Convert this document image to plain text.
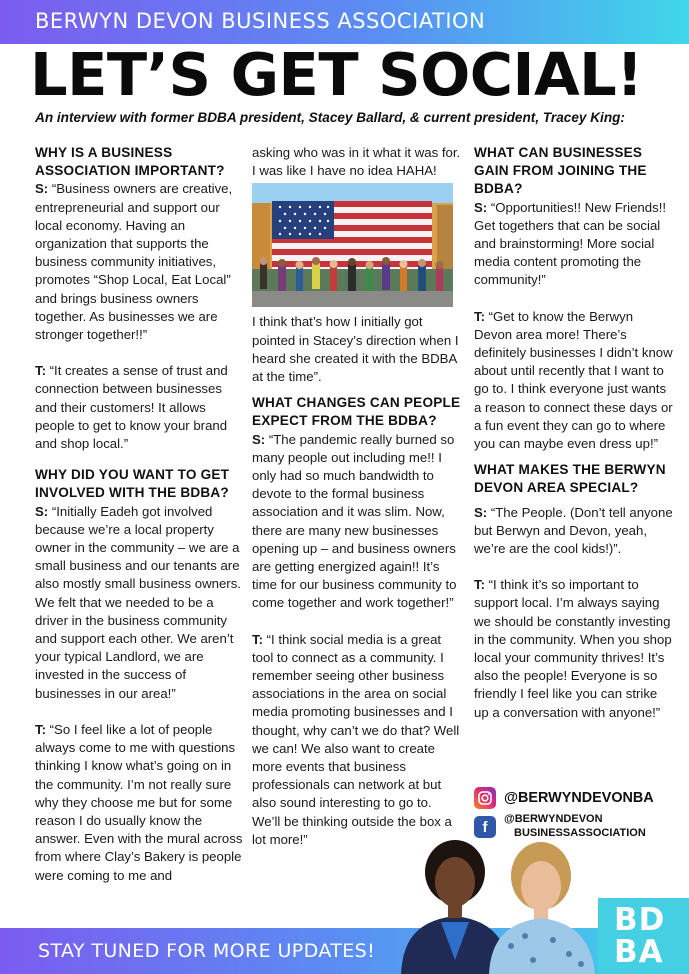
BERWYN DEVON BUSINESS ASSOCIATION
LET’S GET SOCIAL!
An interview with former BDBA president, Stacey Ballard, & current president, Tracey King:
WHY IS A BUSINESS ASSOCIATION IMPORTANT?

S: “Business owners are creative, entrepreneurial and support our local economy. Having an organization that supports the business community initiatives, promotes “Shop Local, Eat Local” and brings business owners together. As businesses we are stronger together!!”

T: “It creates a sense of trust and connection between businesses and their customers! It allows people to get to know your brand and shop local.”

WHY DID YOU WANT TO GET INVOLVED WITH THE BDBA?

S: “Initially Eadeh got involved because we’re a local property owner in the community – we are a small business and our tenants are also mostly small business owners. We felt that we needed to be a driver in the business community and support each other. We aren’t your typical Landlord, we are invested in the success of businesses in our area!”

T: “So I feel like a lot of people always come to me with questions thinking I know what’s going on in the community. I’m not really sure why they choose me but for some reason I do usually know the answer. Even with the mural across from where Clay’s Bakery is people were coming to me and

asking who was in it what it was for. I was like I have no idea HAHA!

I think that’s how I initially got pointed in Stacey’s direction when I heard she created it with the BDBA at the time”.

WHAT CHANGES CAN PEOPLE EXPECT FROM THE BDBA?

S: “The pandemic really burned so many people out including me!! I only had so much bandwidth to devote to the formal business association and it was slim. Now, there are many new businesses opening up – and business owners are getting energized again!! It’s time for our business community to come together and work together!”

T: “I think social media is a great tool to connect as a community. I remember seeing other business associations in the area on social media promoting businesses and I thought, why can’t we do that? Well we can! We also want to create more events that business professionals can network at but also sound interesting to go to. We’ll be thinking outside the box a lot more!”

WHAT CAN BUSINESSES GAIN FROM JOINING THE BDBA?

S: “Opportunities!! New Friends!! Get togethers that can be social and brainstorming! More social media content promoting the community!”

T: “Get to know the Berwyn Devon area more! There’s definitely businesses I didn’t know about until recently that I want to go to. I think everyone just wants a reason to connect these days or a fun event they can go to where you can maybe even dress up!”

WHAT MAKES THE BERWYN DEVON AREA SPECIAL?

S: “The People. (Don’t tell anyone but Berwyn and Devon, yeah, we’re are the cool kids!)”.

T: “I think it’s so important to support local. I’m always saying we should be constantly investing in the community. When you shop local your community thrives! It’s also the people! Everyone is so friendly I feel like you can strike up a conversation with anyone!”

@BERWYNDEVONBA
f @BERWYNDEVON
BUSINESSASSOCIATION
STAY TUNED FOR MORE UPDATES!
BD
BA
